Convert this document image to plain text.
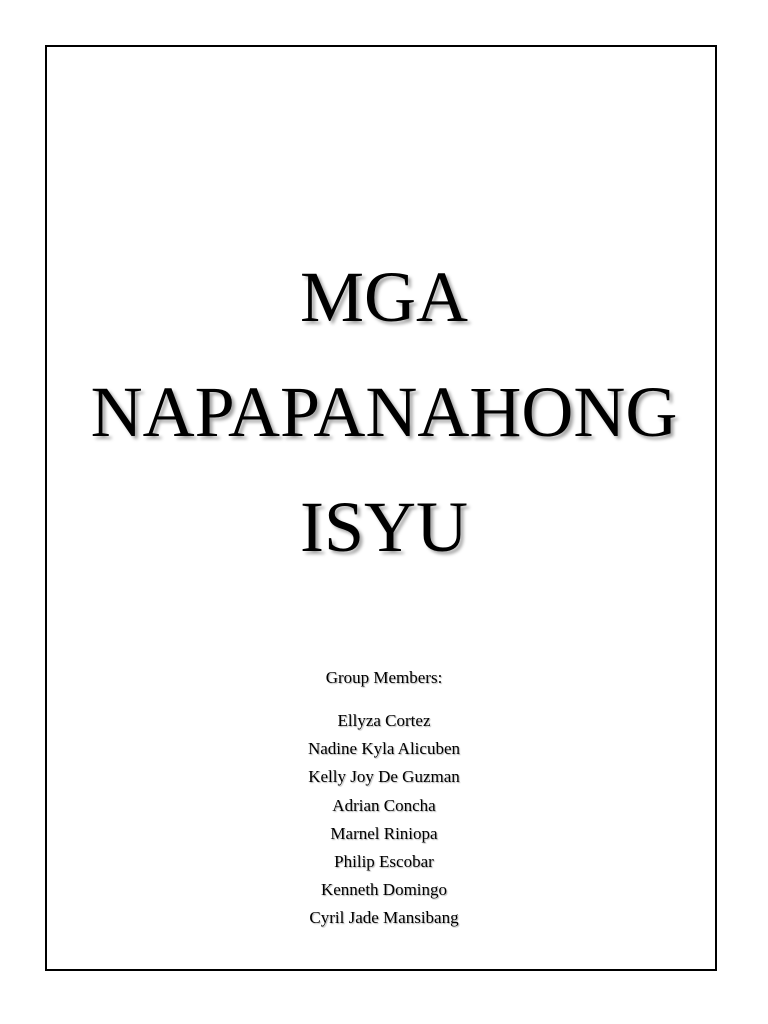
MGA
NAPAPANAHONG
ISYU
Group Members:
Ellyza Cortez
Nadine Kyla Alicuben
Kelly Joy De Guzman
Adrian Concha
Marnel Riniopa
Philip Escobar
Kenneth Domingo
Cyril Jade Mansibang
